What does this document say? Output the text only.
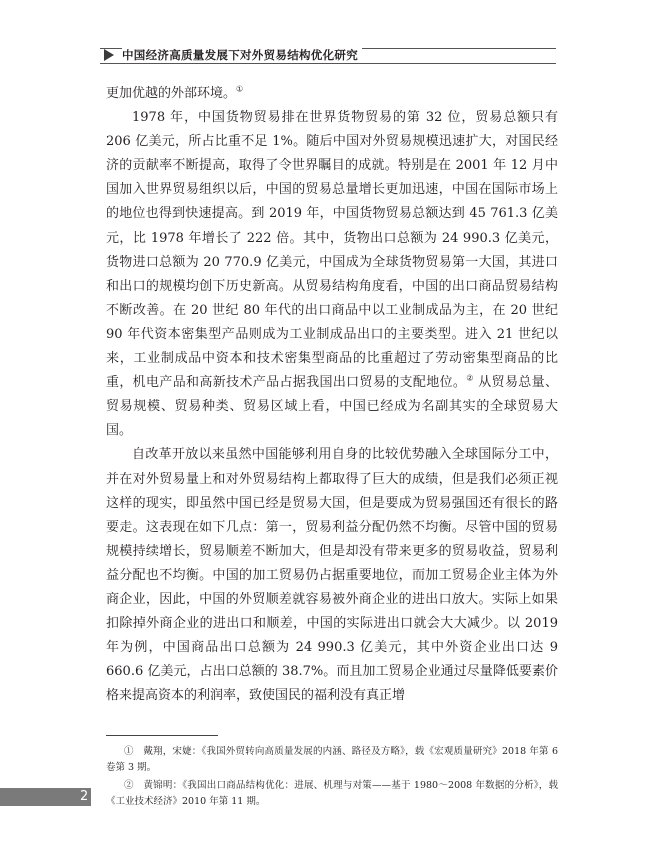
中国经济高质量发展下对外贸易结构优化研究

更加优越的外部环境。①

1978 年，中国货物贸易排在世界货物贸易的第 32 位，贸易总额只有 206 亿美元，所占比重不足 1%。随后中国对外贸易规模迅速扩大，对国民经济的贡献率不断提高，取得了令世界瞩目的成就。特别是在 2001 年 12 月中国加入世界贸易组织以后，中国的贸易总量增长更加迅速，中国在国际市场上的地位也得到快速提高。到 2019 年，中国货物贸易总额达到 45 761.3 亿美元，比 1978 年增长了 222 倍。其中，货物出口总额为 24 990.3 亿美元，货物进口总额为 20 770.9 亿美元，中国成为全球货物贸易第一大国，其进口和出口的规模均创下历史新高。从贸易结构角度看，中国的出口商品贸易结构不断改善。在 20 世纪 80 年代的出口商品中以工业制成品为主，在 20 世纪 90 年代资本密集型产品则成为工业制成品出口的主要类型。进入 21 世纪以来，工业制成品中资本和技术密集型商品的比重超过了劳动密集型商品的比重，机电产品和高新技术产品占据我国出口贸易的支配地位。② 从贸易总量、贸易规模、贸易种类、贸易区域上看，中国已经成为名副其实的全球贸易大国。

自改革开放以来虽然中国能够利用自身的比较优势融入全球国际分工中，并在对外贸易量上和对外贸易结构上都取得了巨大的成绩，但是我们必须正视这样的现实，即虽然中国已经是贸易大国，但是要成为贸易强国还有很长的路要走。这表现在如下几点：第一，贸易利益分配仍然不均衡。尽管中国的贸易规模持续增长，贸易顺差不断加大，但是却没有带来更多的贸易收益，贸易利益分配也不均衡。中国的加工贸易仍占据重要地位，而加工贸易企业主体为外商企业，因此，中国的外贸顺差就容易被外商企业的进出口放大。实际上如果扣除掉外商企业的进出口和顺差，中国的实际进出口就会大大减少。以 2019 年为例，中国商品出口总额为 24 990.3 亿美元，其中外资企业出口达 9 660.6 亿美元，占出口总额的 38.7%。而且加工贸易企业通过尽量降低要素价格来提高资本的利润率，致使国民的福利没有真正增

①　戴翔，宋婕：《我国外贸转向高质量发展的内涵、路径及方略》，载《宏观质量研究》2018 年第 6 卷第 3 期。

②　黄锦明：《我国出口商品结构优化：进展、机理与对策——基于 1980～2008 年数据的分析》，载《工业技术经济》2010 年第 11 期。

2
